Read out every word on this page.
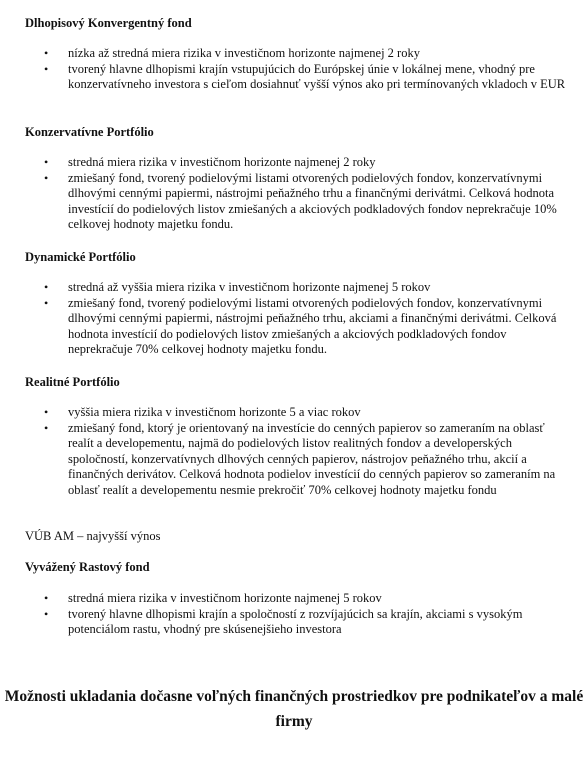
Dlhopisový Konvergentný fond
• nízka až stredná miera rizika v investičnom horizonte najmenej 2 roky
• tvorený hlavne dlhopismi krajín vstupujúcich do Európskej únie v lokálnej mene, vhodný pre konzervatívneho investora s cieľom dosiahnuť vyšší výnos ako pri termínovaných vkladoch v EUR
Konzervatívne Portfólio
• stredná miera rizika v investičnom horizonte najmenej 2 roky
• zmiešaný fond, tvorený podielovými listami otvorených podielových fondov, konzervatívnymi dlhovými cennými papiermi, nástrojmi peňažného trhu a finančnými derivátmi. Celková hodnota investícií do podielových listov zmiešaných a akciových podkladových fondov neprekračuje 10% celkovej hodnoty majetku fondu.
Dynamické Portfólio
• stredná až vyššia miera rizika v investičnom horizonte najmenej 5 rokov
• zmiešaný fond, tvorený podielovými listami otvorených podielových fondov, konzervatívnymi dlhovými cennými papiermi, nástrojmi peňažného trhu, akciami a finančnými derivátmi. Celková hodnota investícií do podielových listov zmiešaných a akciových podkladových fondov neprekračuje 70% celkovej hodnoty majetku fondu.
Realitné Portfólio
• vyššia miera rizika v investičnom horizonte 5 a viac rokov
• zmiešaný fond, ktorý je orientovaný na investície do cenných papierov so zameraním na oblasť realít a developementu, najmä do podielových listov realitných fondov a developerských spoločností, konzervatívnych dlhových cenných papierov, nástrojov peňažného trhu, akcií a finančných derivátov. Celková hodnota podielov investícií do cenných papierov so zameraním na oblasť realít a developementu nesmie prekročiť 70% celkovej hodnoty majetku fondu
VÚB AM – najvyšší výnos
Vyvážený Rastový fond
• stredná miera rizika v investičnom horizonte najmenej 5 rokov
• tvorený hlavne dlhopismi krajín a spoločností z rozvíjajúcich sa krajín, akciami s vysokým potenciálom rastu, vhodný pre skúsenejšieho investora
Možnosti ukladania dočasne voľných finančných prostriedkov pre podnikateľov a malé firmy
